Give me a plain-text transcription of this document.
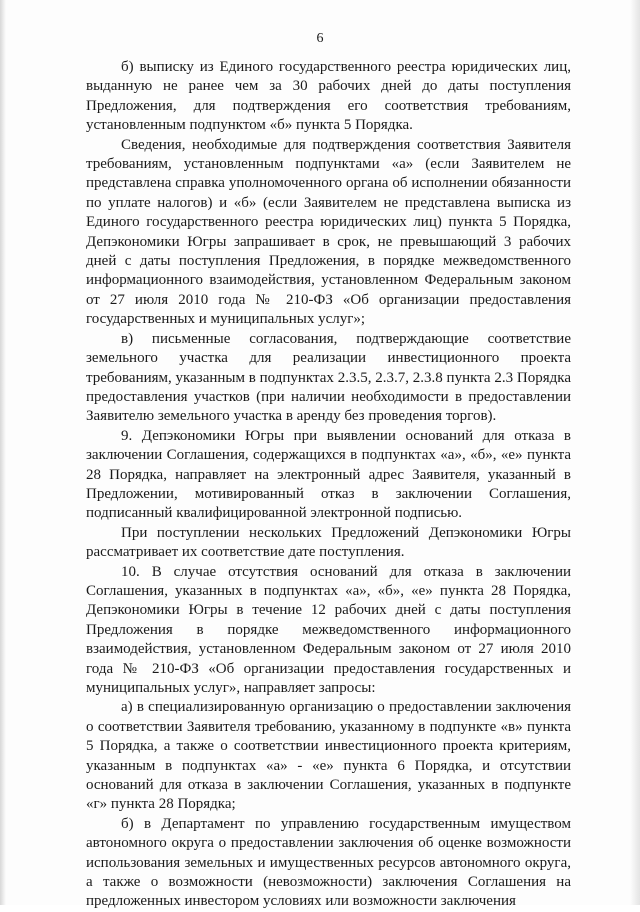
6

б) выписку из Единого государственного реестра юридических лиц, выданную не ранее чем за 30 рабочих дней до даты поступления Предложения, для подтверждения его соответствия требованиям, установленным подпунктом «б» пункта 5 Порядка.

Сведения, необходимые для подтверждения соответствия Заявителя требованиям, установленным подпунктами «а» (если Заявителем не представлена справка уполномоченного органа об исполнении обязанности по уплате налогов) и «б» (если Заявителем не представлена выписка из Единого государственного реестра юридических лиц) пункта 5 Порядка, Депэкономики Югры запрашивает в срок, не превышающий 3 рабочих дней с даты поступления Предложения, в порядке межведомственного информационного взаимодействия, установленном Федеральным законом от 27 июля 2010 года № 210-ФЗ «Об организации предоставления государственных и муниципальных услуг»;

в) письменные согласования, подтверждающие соответствие земельного участка для реализации инвестиционного проекта требованиям, указанным в подпунктах 2.3.5, 2.3.7, 2.3.8 пункта 2.3 Порядка предоставления участков (при наличии необходимости в предоставлении Заявителю земельного участка в аренду без проведения торгов).

9. Депэкономики Югры при выявлении оснований для отказа в заключении Соглашения, содержащихся в подпунктах «а», «б», «е» пункта 28 Порядка, направляет на электронный адрес Заявителя, указанный в Предложении, мотивированный отказ в заключении Соглашения, подписанный квалифицированной электронной подписью.

При поступлении нескольких Предложений Депэкономики Югры рассматривает их соответствие дате поступления.

10. В случае отсутствия оснований для отказа в заключении Соглашения, указанных в подпунктах «а», «б», «е» пункта 28 Порядка, Депэкономики Югры в течение 12 рабочих дней с даты поступления Предложения в порядке межведомственного информационного взаимодействия, установленном Федеральным законом от 27 июля 2010 года № 210-ФЗ «Об организации предоставления государственных и муниципальных услуг», направляет запросы:

а) в специализированную организацию о предоставлении заключения о соответствии Заявителя требованию, указанному в подпункте «в» пункта 5 Порядка, а также о соответствии инвестиционного проекта критериям, указанным в подпунктах «а» - «е» пункта 6 Порядка, и отсутствии оснований для отказа в заключении Соглашения, указанных в подпункте «г» пункта 28 Порядка;

б) в Департамент по управлению государственным имуществом автономного округа о предоставлении заключения об оценке возможности использования земельных и имущественных ресурсов автономного округа, а также о возможности (невозможности) заключения Соглашения на предложенных инвестором условиях или возможности заключения
